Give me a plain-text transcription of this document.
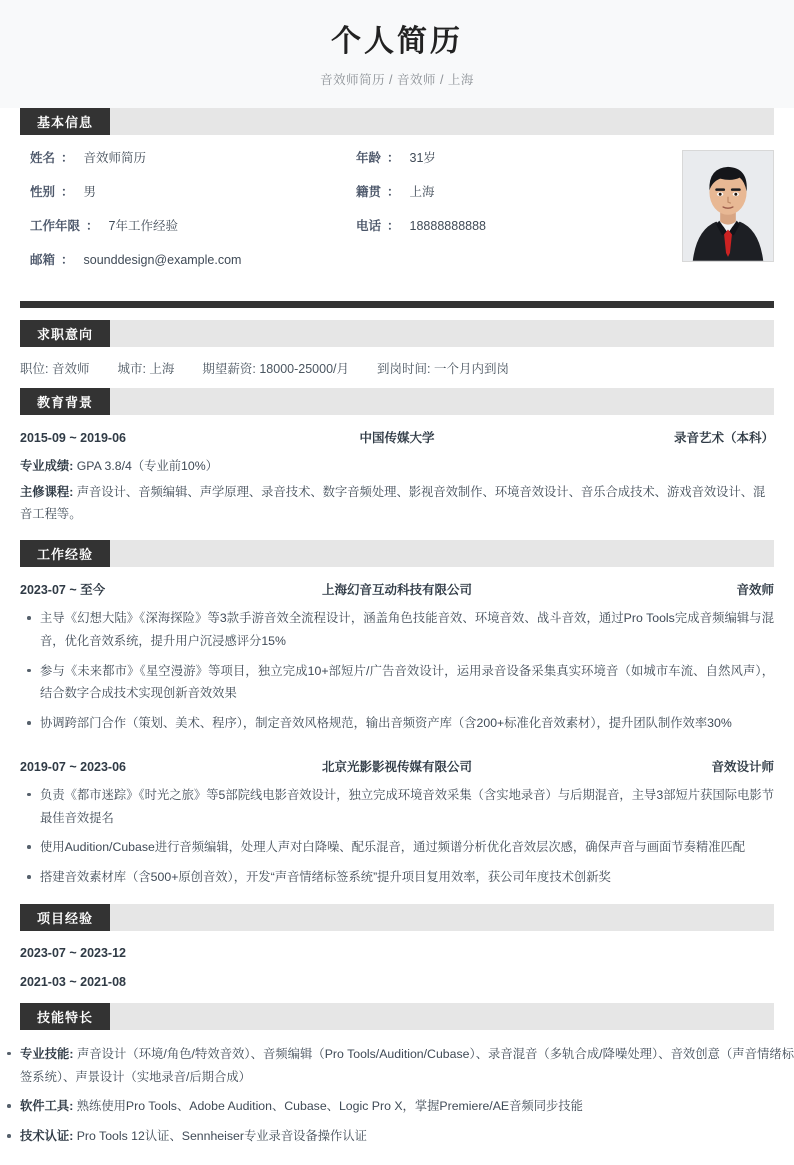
个人简历
音效师简历 / 音效师 / 上海
基本信息
姓名 ： 音效师简历	年龄 ： 31岁
性别 ： 男	籍贯 ： 上海
工作年限 ： 7年工作经验	电话 ： 18888888888
邮箱 ： sounddesign@example.com
求职意向
职位: 音效师 城市: 上海 期望薪资: 18000-25000/月 到岗时间: 一个月内到岗
教育背景
2015-09 ~ 2019-06	中国传媒大学	录音艺术（本科）
专业成绩: GPA 3.8/4（专业前10%）
主修课程: 声音设计、音频编辑、声学原理、录音技术、数字音频处理、影视音效制作、环境音效设计、音乐合成技术、游戏音效设计、混音工程等。
工作经验
2023-07 ~ 至今	上海幻音互动科技有限公司	音效师
主导《幻想大陆》《深海探险》等3款手游音效全流程设计，涵盖角色技能音效、环境音效、战斗音效，通过Pro Tools完成音频编辑与混音，优化音效系统，提升用户沉浸感评分15%
参与《未来都市》《星空漫游》等项目，独立完成10+部短片/广告音效设计，运用录音设备采集真实环境音（如城市车流、自然风声），结合数字合成技术实现创新音效效果
协调跨部门合作（策划、美术、程序），制定音效风格规范，输出音频资产库（含200+标准化音效素材），提升团队制作效率30%
2019-07 ~ 2023-06	北京光影影视传媒有限公司	音效设计师
负责《都市迷踪》《时光之旅》等5部院线电影音效设计，独立完成环境音效采集（含实地录音）与后期混音，主导3部短片获国际电影节最佳音效提名
使用Audition/Cubase进行音频编辑，处理人声对白降噪、配乐混音，通过频谱分析优化音效层次感，确保声音与画面节奏精准匹配
搭建音效素材库（含500+原创音效），开发“声音情绪标签系统”提升项目复用效率，获公司年度技术创新奖
项目经验
2023-07 ~ 2023-12
2021-03 ~ 2021-08
技能特长
专业技能: 声音设计（环境/角色/特效音效）、音频编辑（Pro Tools/Audition/Cubase）、录音混音（多轨合成/降噪处理）、音效创意（声音情绪标签系统）、声景设计（实地录音/后期合成）
软件工具: 熟练使用Pro Tools、Adobe Audition、Cubase、Logic Pro X，掌握Premiere/AE音频同步技能
技术认证: Pro Tools 12认证、Sennheiser专业录音设备操作认证
